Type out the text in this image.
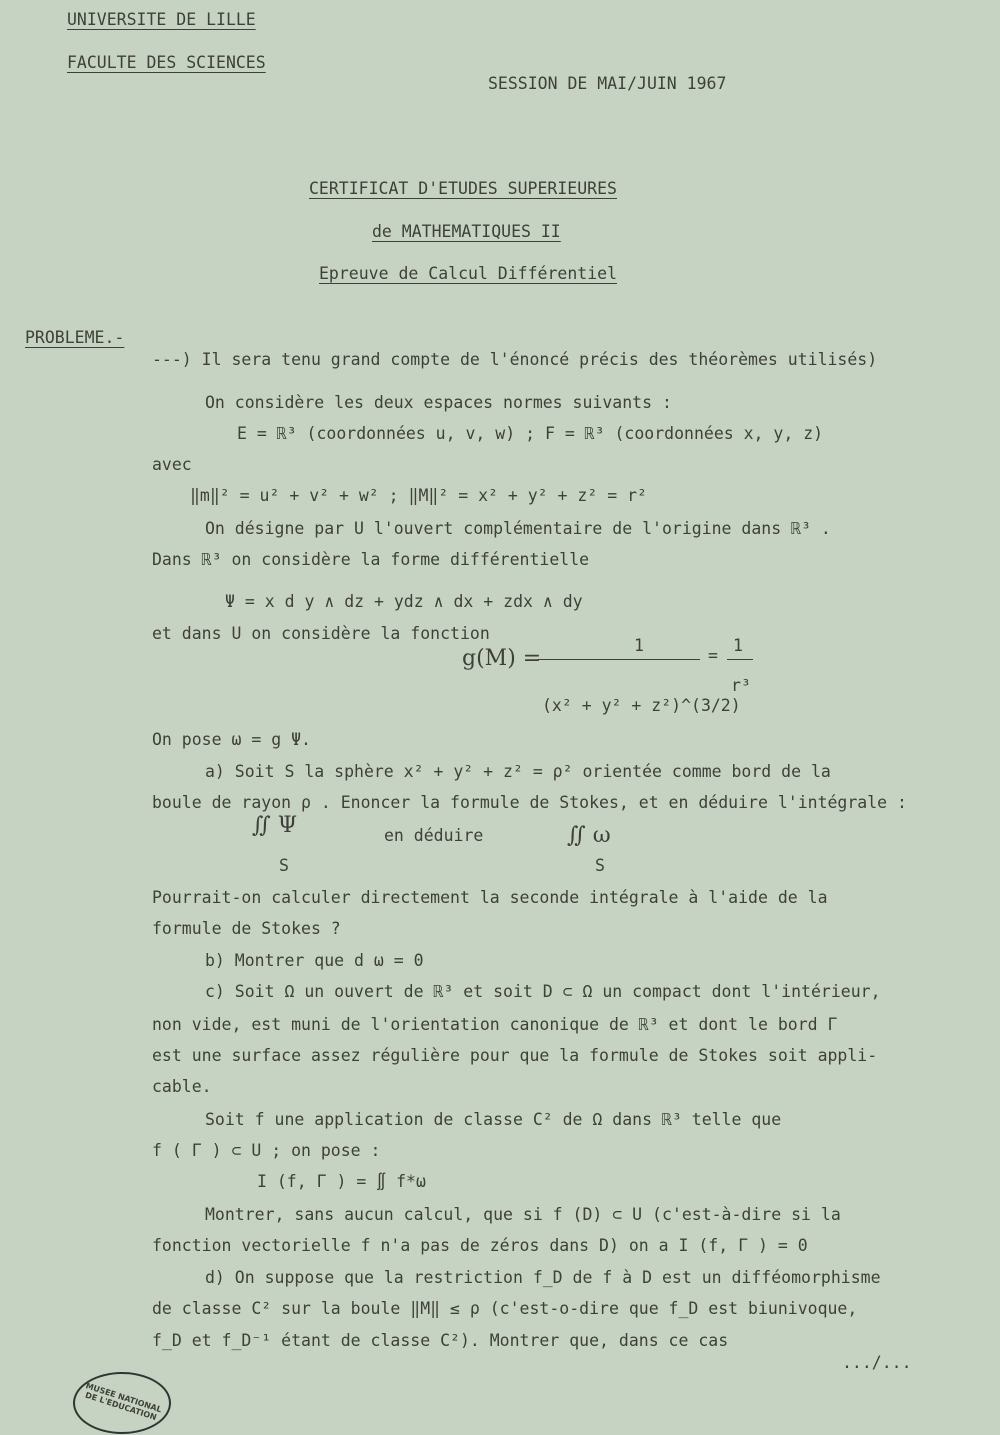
UNIVERSITE DE LILLE
FACULTE DES SCIENCES
SESSION DE MAI/JUIN 1967
CERTIFICAT D'ETUDES SUPERIEURES
de MATHEMATIQUES II
Epreuve de Calcul Différentiel
PROBLEME.-
---) Il sera tenu grand compte de l'énoncé précis des théorèmes utilisés)
On considère les deux espaces normes suivants :
E = ℝ³ (coordonnées u, v, w) ; F = ℝ³ (coordonnées x, y, z)
avec
‖m‖² = u² + v² + w² ; ‖M‖² = x² + y² + z² = r²
On désigne par U l'ouvert complémentaire de l'origine dans ℝ³ .
Dans ℝ³ on considère la forme différentielle
Ψ = x d y ∧ dz + ydz ∧ dx + zdx ∧ dy
et dans U on considère la fonction
g(M) =
1
(x² + y² + z²)^(3/2)
=
1
r³
On pose ω = g Ψ.
a) Soit S la sphère x² + y² + z² = ρ² orientée comme bord de la
boule de rayon ρ . Enoncer la formule de Stokes, et en déduire l'intégrale :
∬ Ψ
S
en déduire	∬ ω
S
Pourrait-on calculer directement la seconde intégrale à l'aide de la
formule de Stokes ?
b) Montrer que d ω = 0
c) Soit Ω un ouvert de ℝ³ et soit D ⊂ Ω un compact dont l'intérieur,
non vide, est muni de l'orientation canonique de ℝ³ et dont le bord Γ
est une surface assez régulière pour que la formule de Stokes soit appli-
cable.
Soit f une application de classe C² de Ω dans ℝ³ telle que
f ( Γ ) ⊂ U ; on pose :
I (f, Γ ) = ∬ f*ω
Montrer, sans aucun calcul, que si f (D) ⊂ U (c'est-à-dire si la
fonction vectorielle f n'a pas de zéros dans D) on a I (f, Γ ) = 0
d) On suppose que la restriction f_D de f à D est un difféomorphisme
de classe C² sur la boule ‖M‖ ≤ ρ (c'est-o-dire que f_D est biunivoque,
f_D et f_D⁻¹ étant de classe C²). Montrer que, dans ce cas
.../...
MUSEE NATIONAL DE L'EDUCATION
